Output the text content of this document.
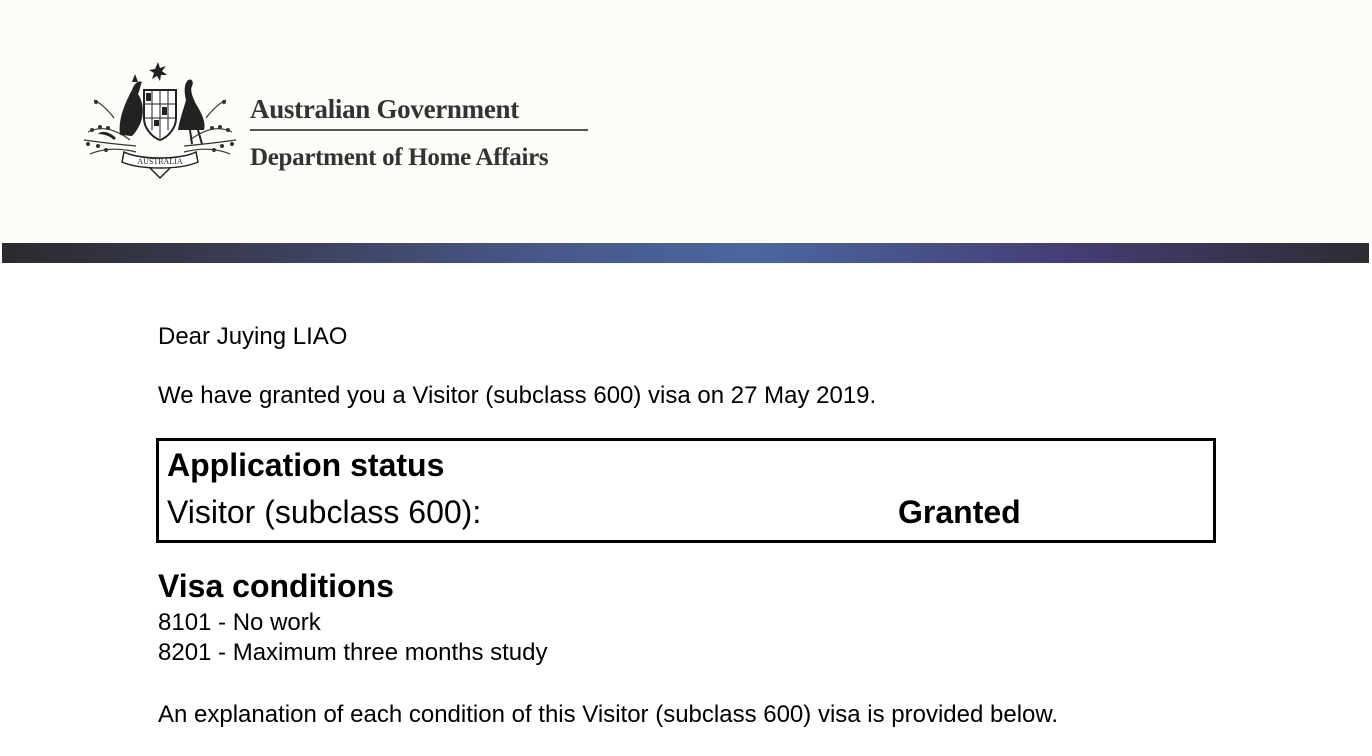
AUSTRALIA
Australian Government
Department of Home Affairs
Dear Juying LIAO
We have granted you a Visitor (subclass 600) visa on 27 May 2019.
Application status
Visitor (subclass 600):	Granted
Visa conditions
8101 - No work
8201 - Maximum three months study
An explanation of each condition of this Visitor (subclass 600) visa is provided below.
